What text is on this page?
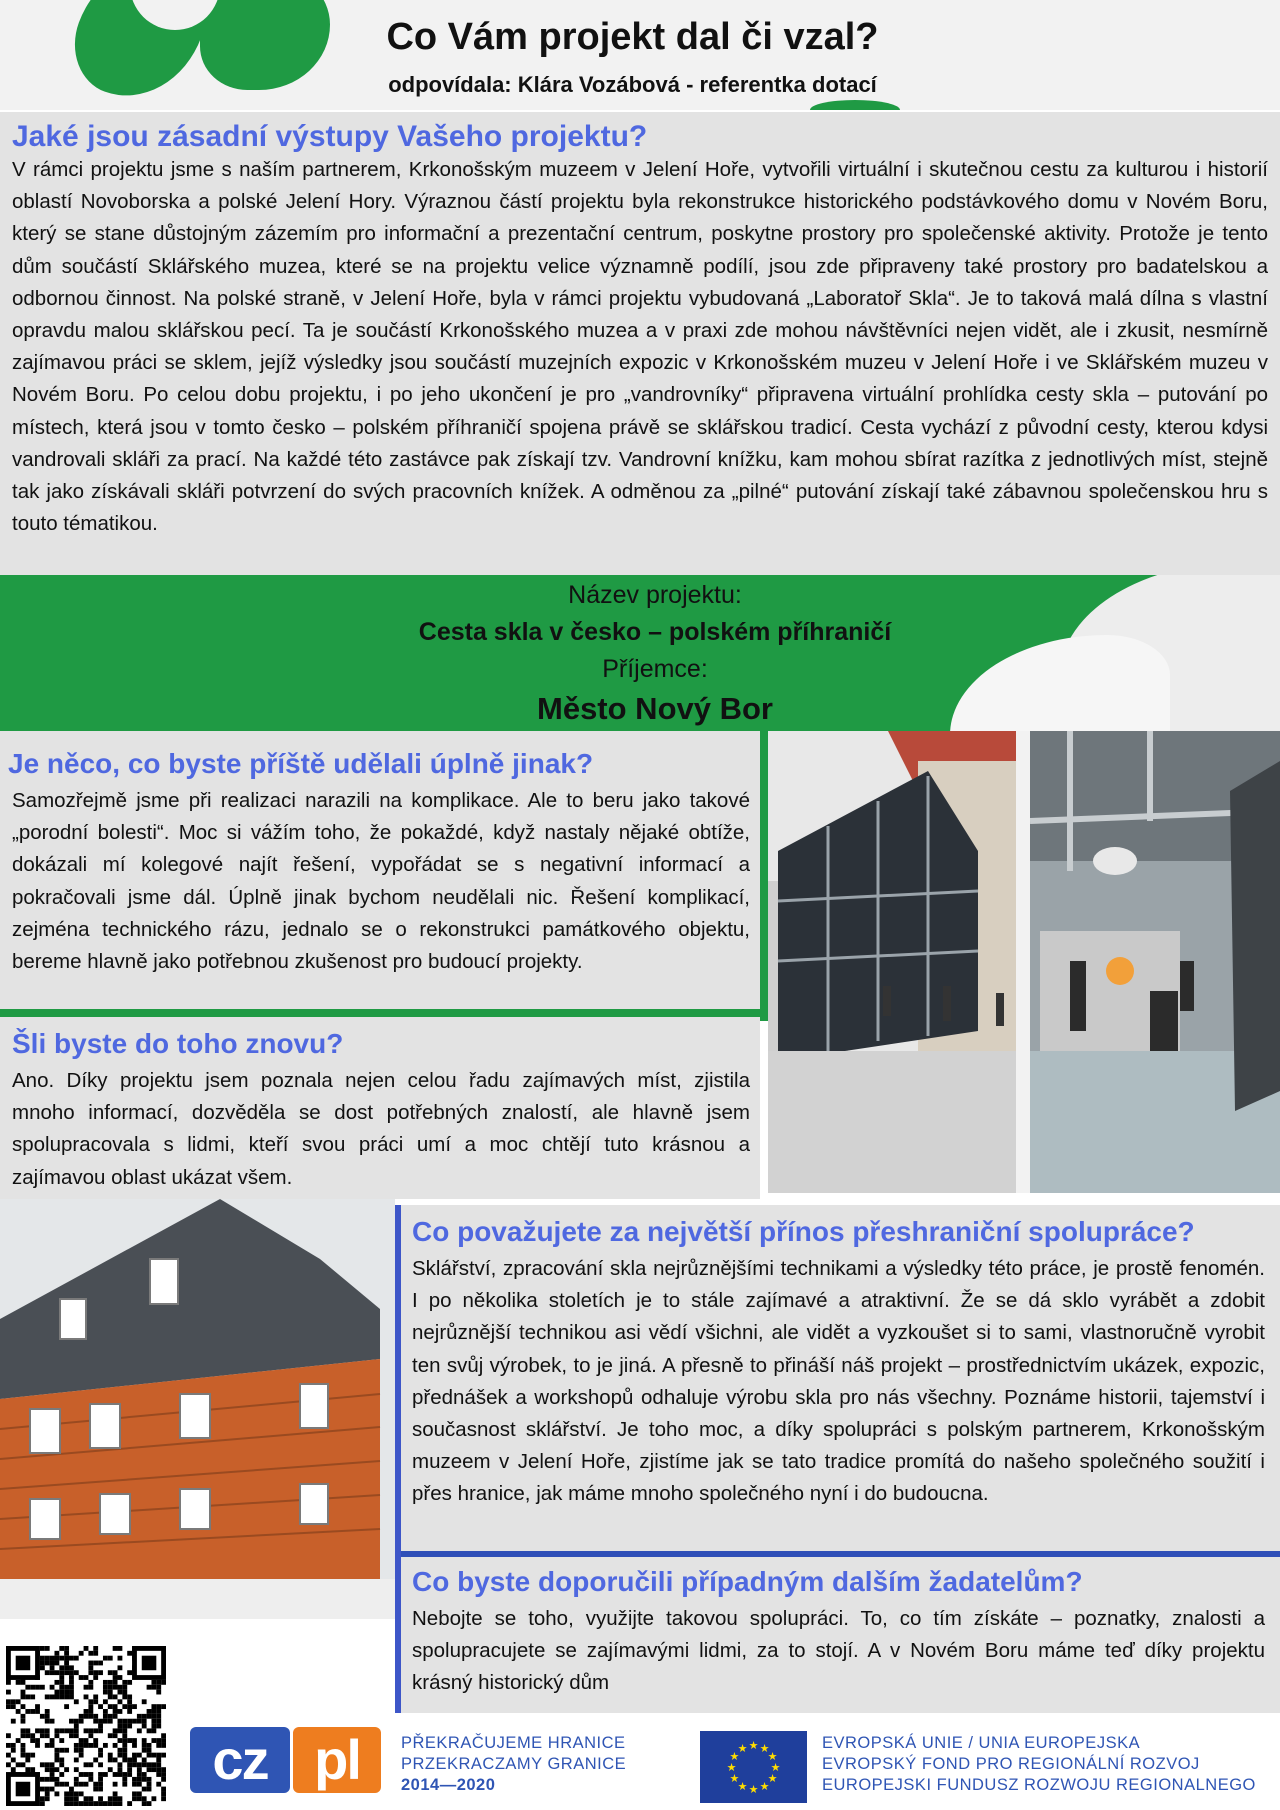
Co Vám projekt dal či vzal?
odpovídala: Klára Vozábová - referentka dotací
Jaké jsou zásadní výstupy Vašeho projektu?

V rámci projektu jsme s naším partnerem, Krkonošským muzeem v Jelení Hoře, vytvořili virtuální i skutečnou cestu za kulturou i historií oblastí Novoborska a polské Jelení Hory. Výraznou částí projektu byla rekonstrukce historického podstávkového domu v Novém Boru, který se stane důstojným zázemím pro informační a prezentační centrum, poskytne prostory pro společenské aktivity. Protože je tento dům součástí Sklářského muzea, které se na projektu velice významně podílí, jsou zde připraveny také prostory pro badatelskou a odbornou činnost. Na polské straně, v Jelení Hoře, byla v rámci projektu vybudovaná „Laboratoř Skla“. Je to taková malá dílna s vlastní opravdu malou sklářskou pecí. Ta je součástí Krkonošského muzea a v praxi zde mohou návštěvníci nejen vidět, ale i zkusit, nesmírně zajímavou práci se sklem, jejíž výsledky jsou součástí muzejních expozic v Krkonošském muzeu v Jelení Hoře i ve Sklářském muzeu v Novém Boru. Po celou dobu projektu, i po jeho ukončení je pro „vandrovníky“ připravena virtuální prohlídka cesty skla – putování po místech, která jsou v tomto česko – polském příhraničí spojena právě se sklářskou tradicí. Cesta vychází z původní cesty, kterou kdysi vandrovali skláři za prací. Na každé této zastávce pak získají tzv. Vandrovní knížku, kam mohou sbírat razítka z jednotlivých míst, stejně tak jako získávali skláři potvrzení do svých pracovních knížek. A odměnou za „pilné“ putování získají také zábavnou společenskou hru s touto tématikou.

Název projektu:
Cesta skla v česko – polském příhraničí
Příjemce:
Město Nový Bor
Je něco, co byste příště udělali úplně jinak?

Samozřejmě jsme při realizaci narazili na komplikace. Ale to beru jako takové „porodní bolesti“. Moc si vážím toho, že pokaždé, když nastaly nějaké obtíže, dokázali mí kolegové najít řešení, vypořádat se s negativní informací a pokračovali jsme dál. Úplně jinak bychom neudělali nic. Řešení komplikací, zejména technického rázu, jednalo se o rekonstrukci památkového objektu, bereme hlavně jako potřebnou zkušenost pro budoucí projekty.

Šli byste do toho znovu?

Ano. Díky projektu jsem poznala nejen celou řadu zajímavých míst, zjistila mnoho informací, dozvěděla se dost potřebných znalostí, ale hlavně jsem spolupracovala s lidmi, kteří svou práci umí a moc chtějí tuto krásnou a zajímavou oblast ukázat všem.

Co považujete za největší přínos přeshraniční spolupráce?

Sklářství, zpracování skla nejrůznějšími technikami a výsledky této práce, je prostě fenomén. I po několika stoletích je to stále zajímavé a atraktivní. Že se dá sklo vyrábět a zdobit nejrůznější technikou asi vědí všichni, ale vidět a vyzkoušet si to sami, vlastnoručně vyrobit ten svůj výrobek, to je jiná. A přesně to přináší náš projekt – prostřednictvím ukázek, expozic, přednášek a workshopů odhaluje výrobu skla pro nás všechny. Poznáme historii, tajemství i současnost sklářství. Je toho moc, a díky spolupráci s polským partnerem, Krkonošským muzeem v Jelení Hoře, zjistíme jak se tato tradice promítá do našeho společného soužití i přes hranice, jak máme mnoho společného nyní i do budoucna.

Co byste doporučili případným dalším žadatelům?

Nebojte se toho, využijte takovou spolupráci. To, co tím získáte – poznatky, znalosti a spolupracujete se zajímavými lidmi, za to stojí. A v Novém Boru máme teď díky projektu krásný historický dům

cz pl	PŘEKRAČUJEME HRANICE
PRZEKRACZAMY GRANICE
2014—2020
★ ★
★
★
★
★
★
★
★
★
★
★	EVROPSKÁ UNIE / UNIA EUROPEJSKA
EVROPSKÝ FOND PRO REGIONÁLNÍ ROZVOJ
EUROPEJSKI FUNDUSZ ROZWOJU REGIONALNEGO
